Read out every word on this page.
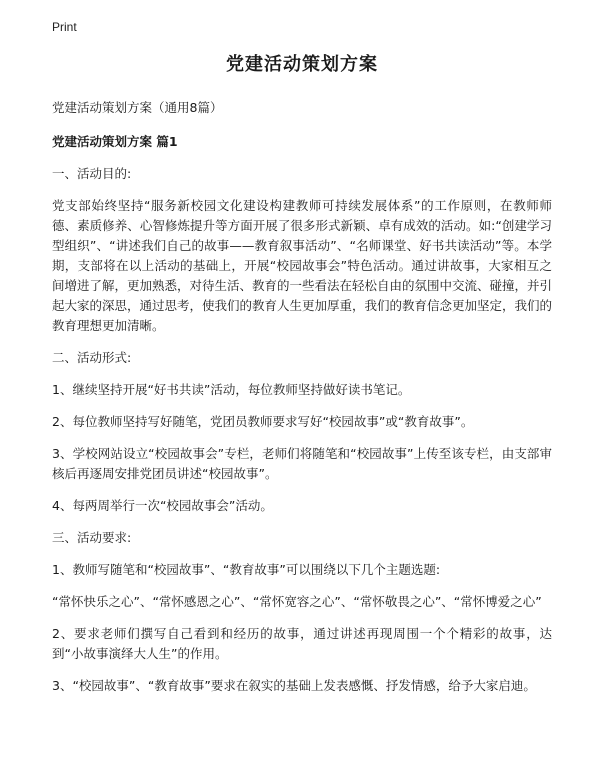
Print
党建活动策划方案
党建活动策划方案（通用8篇）
党建活动策划方案 篇1
一、活动目的:
党支部始终坚持“服务新校园文化建设构建教师可持续发展体系”的工作原则，在教师师德、素质修养、心智修炼提升等方面开展了很多形式新颖、卓有成效的活动。如:“创建学习型组织”、“讲述我们自己的故事——教育叙事活动”、“名师课堂、好书共读活动”等。本学期，支部将在以上活动的基础上，开展“校园故事会”特色活动。通过讲故事，大家相互之间增进了解，更加熟悉，对待生活、教育的一些看法在轻松自由的氛围中交流、碰撞，并引起大家的深思，通过思考，使我们的教育人生更加厚重，我们的教育信念更加坚定，我们的教育理想更加清晰。
二、活动形式:
1、继续坚持开展“好书共读”活动，每位教师坚持做好读书笔记。
2、每位教师坚持写好随笔，党团员教师要求写好“校园故事”或“教育故事”。
3、学校网站设立“校园故事会”专栏，老师们将随笔和“校园故事”上传至该专栏，由支部审核后再逐周安排党团员讲述“校园故事”。
4、每两周举行一次“校园故事会”活动。
三、活动要求:
1、教师写随笔和“校园故事”、“教育故事”可以围绕以下几个主题选题:
“常怀快乐之心”、“常怀感恩之心”、“常怀宽容之心”、“常怀敬畏之心”、“常怀博爱之心”
2、要求老师们撰写自己看到和经历的故事，通过讲述再现周围一个个精彩的故事，达到“小故事演绎大人生”的作用。
3、“校园故事”、“教育故事”要求在叙实的基础上发表感慨、抒发情感，给予大家启迪。
